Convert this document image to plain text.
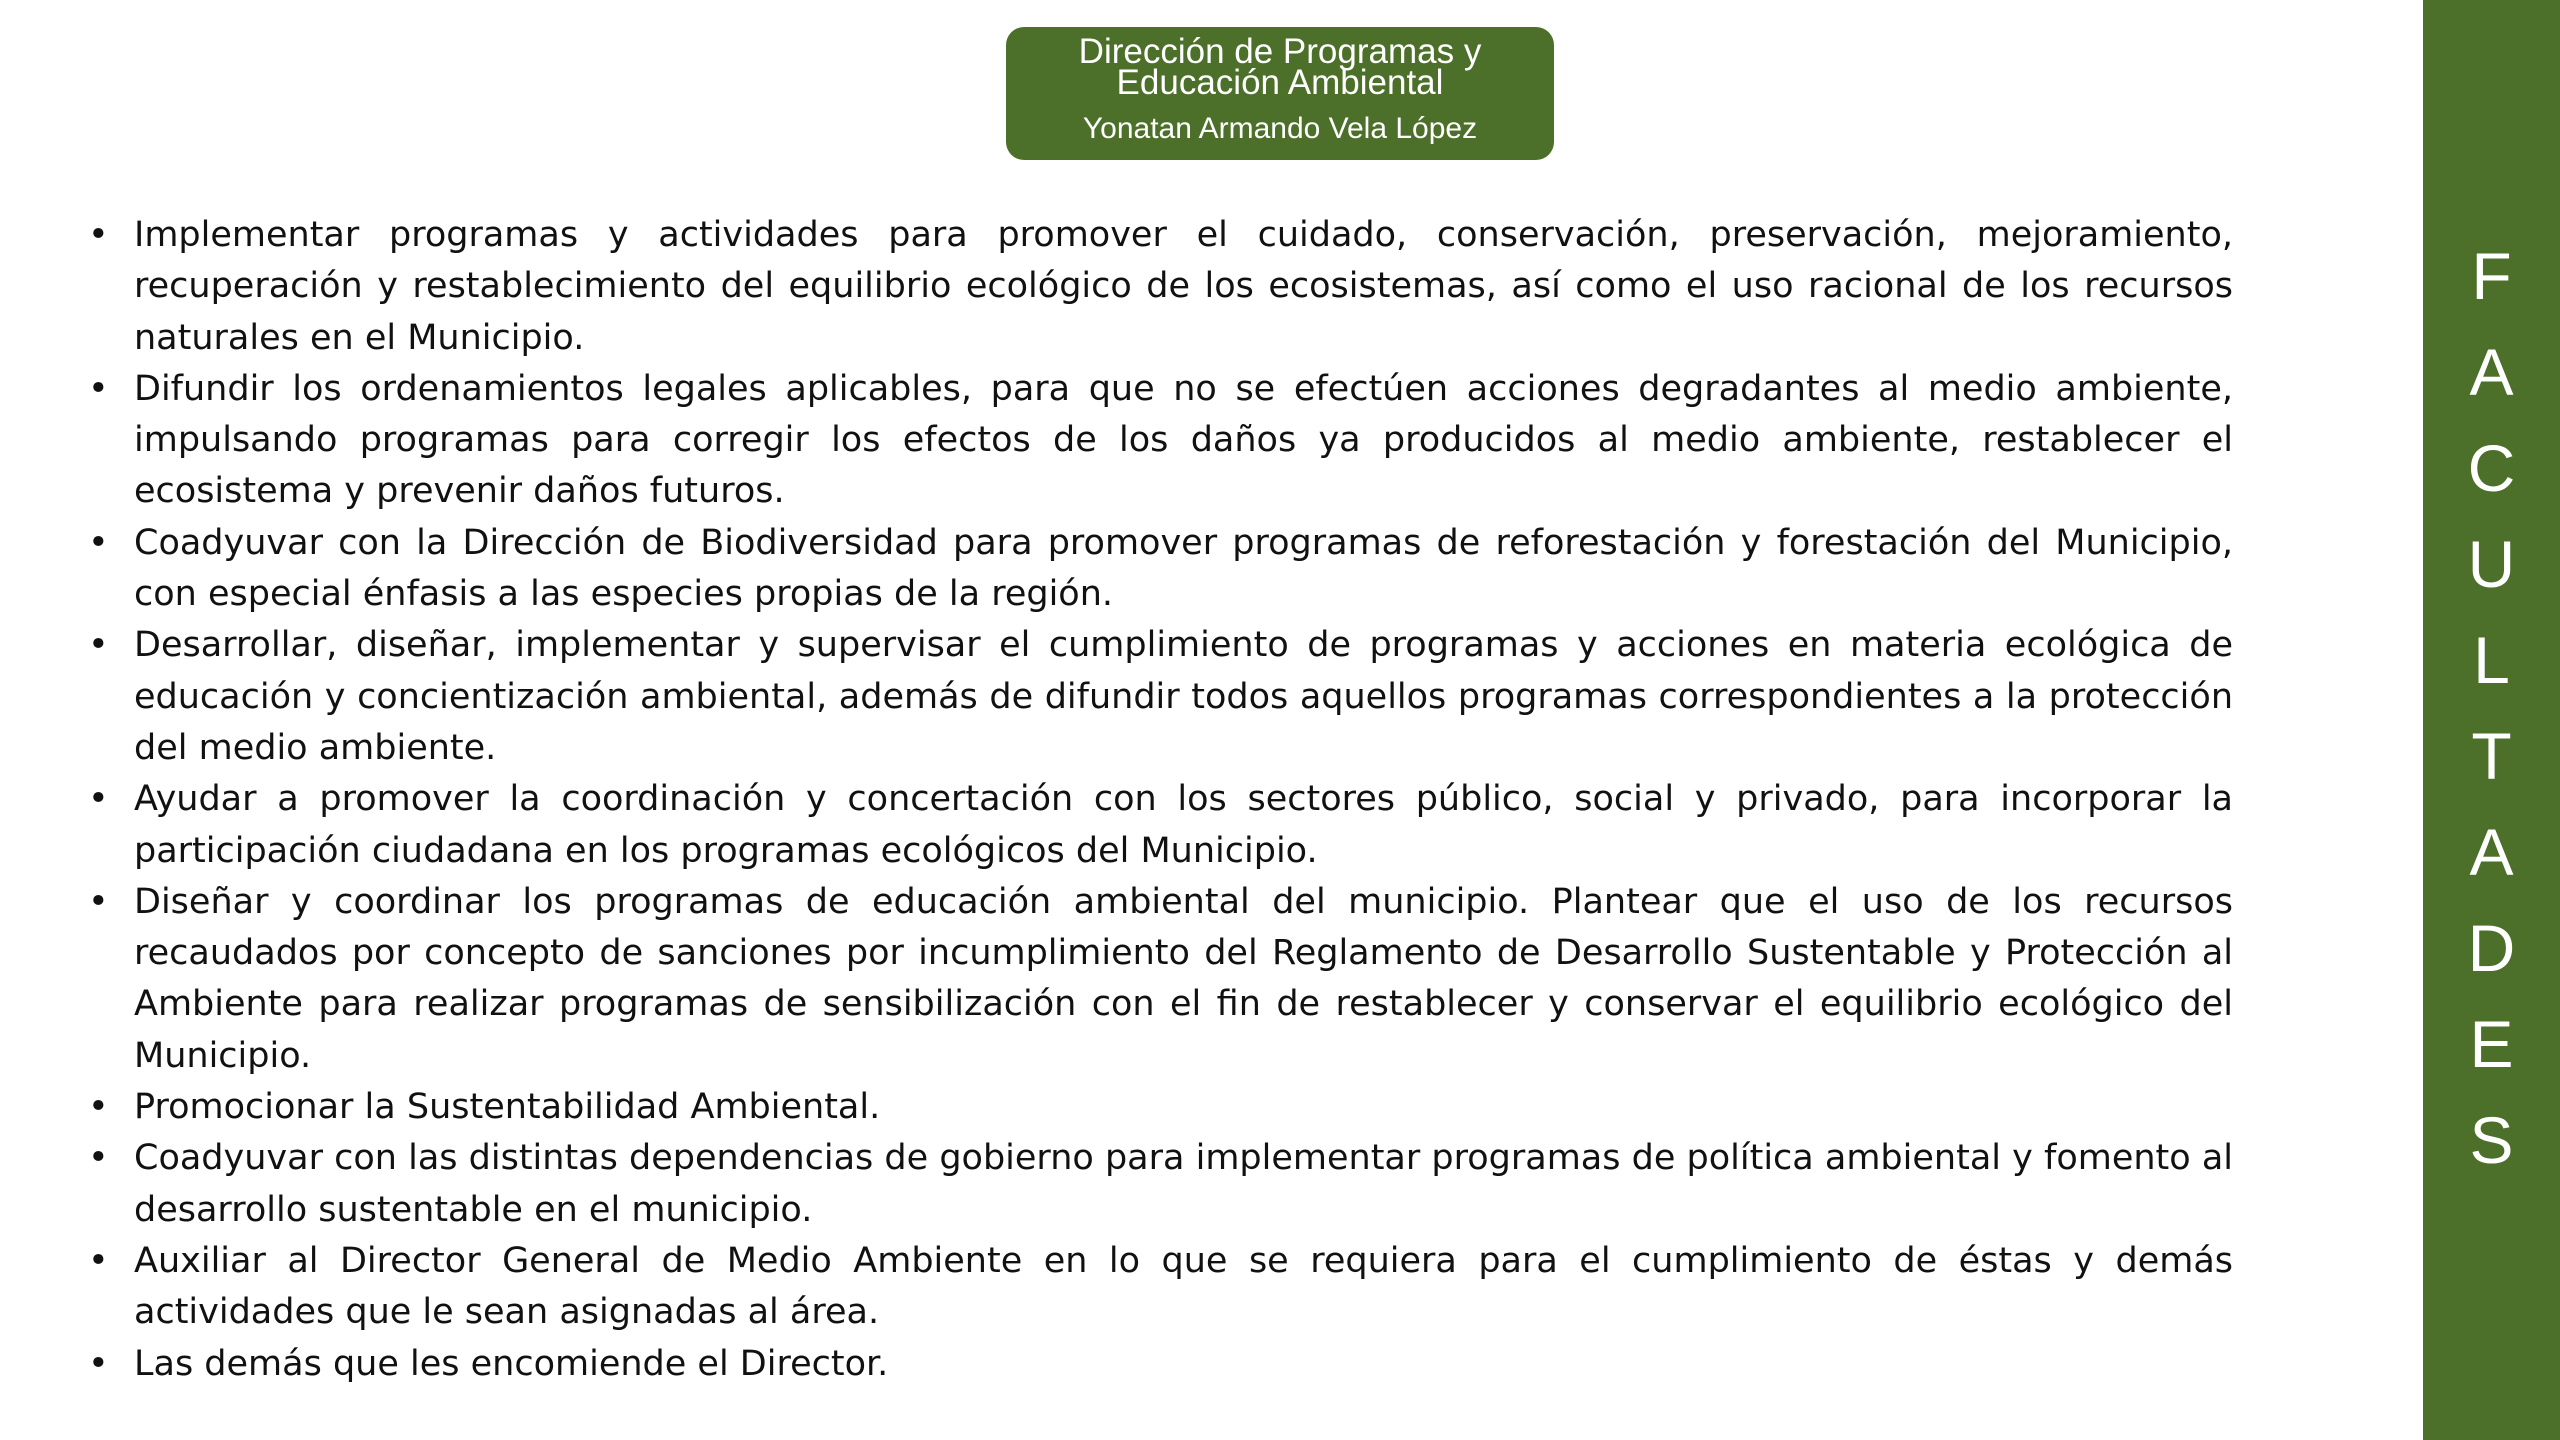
Dirección de Programas y
Educación Ambiental
Yonatan Armando Vela López
• Implementar programas y actividades para promover el cuidado, conservación, preservación, mejoramiento, recuperación y restablecimiento del equilibrio ecológico de los ecosistemas, así como el uso racional de los recursos naturales en el Municipio.
• Difundir los ordenamientos legales aplicables, para que no se efectúen acciones degradantes al medio ambiente, impulsando programas para corregir los efectos de los daños ya producidos al medio ambiente, restablecer el ecosistema y prevenir daños futuros.
• Coadyuvar con la Dirección de Biodiversidad para promover programas de reforestación y forestación del Municipio, con especial énfasis a las especies propias de la región.
• Desarrollar, diseñar, implementar y supervisar el cumplimiento de programas y acciones en materia ecológica de educación y concientización ambiental, además de difundir todos aquellos programas correspondientes a la protección del medio ambiente.
• Ayudar a promover la coordinación y concertación con los sectores público, social y privado, para incorporar la participación ciudadana en los programas ecológicos del Municipio.
• Diseñar y coordinar los programas de educación ambiental del municipio. Plantear que el uso de los recursos recaudados por concepto de sanciones por incumplimiento del Reglamento de Desarrollo Sustentable y Protección al Ambiente para realizar programas de sensibilización con el fin de restablecer y conservar el equilibrio ecológico del Municipio.
• Promocionar la Sustentabilidad Ambiental.
• Coadyuvar con las distintas dependencias de gobierno para implementar programas de política ambiental y fomento al desarrollo sustentable en el municipio.
• Auxiliar al Director General de Medio Ambiente en lo que se requiera para el cumplimiento de éstas y demás actividades que le sean asignadas al área.
• Las demás que les encomiende el Director.
F
A
C
U
L
T
A
D
E
S
